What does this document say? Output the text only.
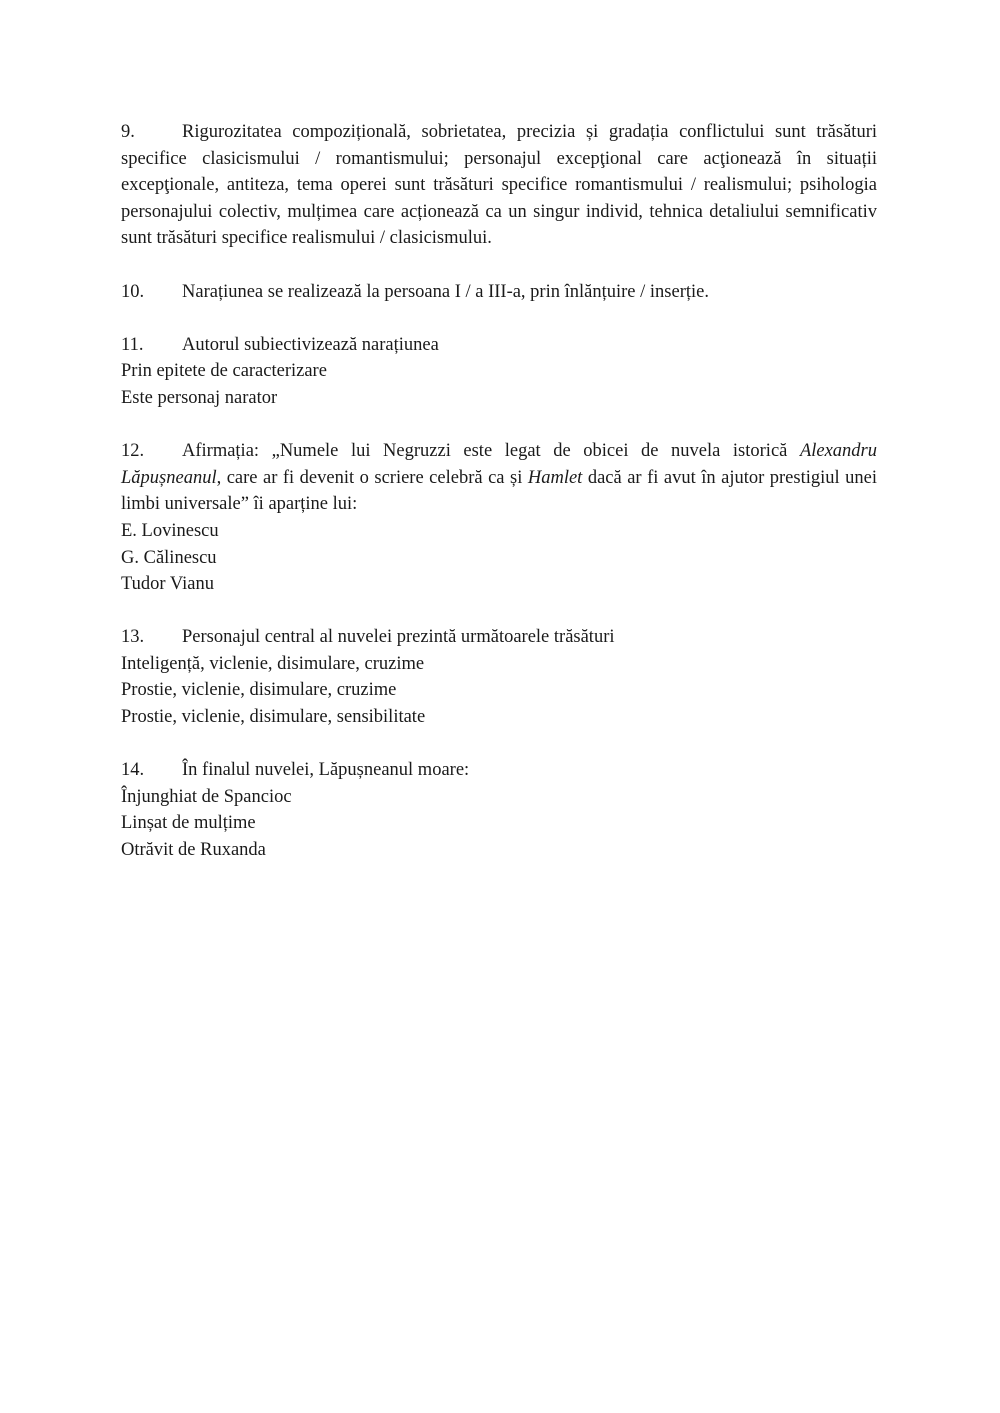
9.	Rigurozitatea compozițională, sobrietatea, precizia și gradația conflictului sunt trăsături specifice clasicismului / romantismului; personajul excepţional care acţionează în situații excepţionale, antiteza, tema operei sunt trăsături specifice romantismului / realismului; psihologia personajului colectiv, mulțimea care acționează ca un singur individ, tehnica detaliului semnificativ sunt trăsături specifice realismului / clasicismului.
10. Narațiunea se realizează la persoana I / a III-a, prin înlănțuire / inserție.
11. Autorul subiectivizează narațiunea
Prin epitete de caracterizare
Este personaj narator
12. Afirmația: „Numele lui Negruzzi este legat de obicei de nuvela istorică Alexandru Lăpușneanul, care ar fi devenit o scriere celebră ca și Hamlet dacă ar fi avut în ajutor prestigiul unei limbi universale” îi aparține lui:
E. Lovinescu
G. Călinescu
Tudor Vianu
13. Personajul central al nuvelei prezintă următoarele trăsături
Inteligență, viclenie, disimulare, cruzime
Prostie, viclenie, disimulare, cruzime
Prostie, viclenie, disimulare, sensibilitate
14. În finalul nuvelei, Lăpușneanul moare:
Înjunghiat de Spancioc
Linșat de mulțime
Otrăvit de Ruxanda
